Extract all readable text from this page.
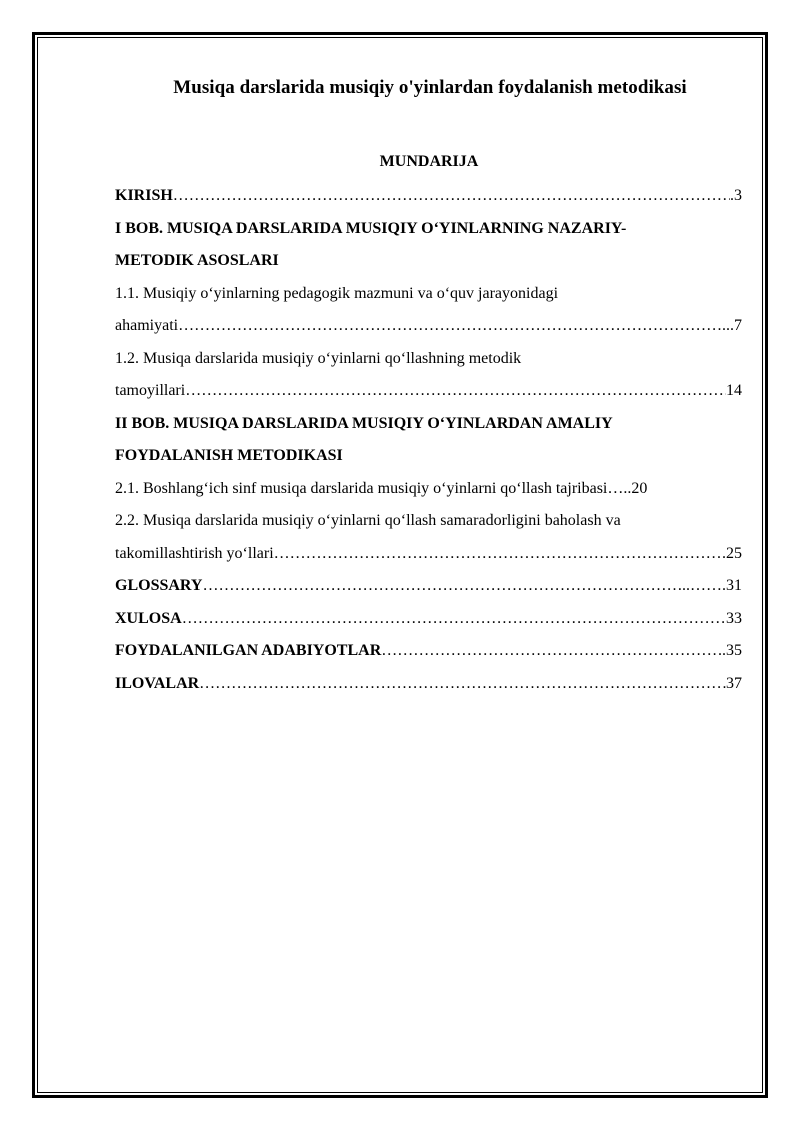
Musiqa darslarida musiqiy o'yinlardan foydalanish metodikasi
MUNDARIJA
KIRISH ……………………………………………………………………………………………………………………………………………………	.3
I BOB. MUSIQA DARSLARIDA MUSIQIY O‘YINLARNING NAZARIY-
METODIK ASOSLARI
1.1. Musiqiy o‘yinlarning pedagogik mazmuni va o‘quv jarayonidagi
ahamiyati ……………………………………………………………………………………………………………………………………………………	...7
1.2. Musiqa darslarida musiqiy o‘yinlarni qo‘llashning metodik
tamoyillari ……………………………………………………………………………………………………………………………………………………	14
II BOB. MUSIQA DARSLARIDA MUSIQIY O‘YINLARDAN AMALIY
FOYDALANISH METODIKASI
2.1. Boshlang‘ich sinf musiqa darslarida musiqiy o‘yinlarni qo‘llash tajribasi …..20
2.2. Musiqa darslarida musiqiy o‘yinlarni qo‘llash samaradorligini baholash va
takomillashtirish yo‘llari ……………………………………………………………………………………………………………………………………………………	.25
GLOSSARY ……………………………………………………………………………………………………………………………………………………	..…….31
XULOSA ……………………………………………………………………………………………………………………………………………………	33
FOYDALANILGAN ADABIYOTLAR ……………………………………………………………………………………………………………………………………………………	..35
ILOVALAR ……………………………………………………………………………………………………………………………………………………	37
